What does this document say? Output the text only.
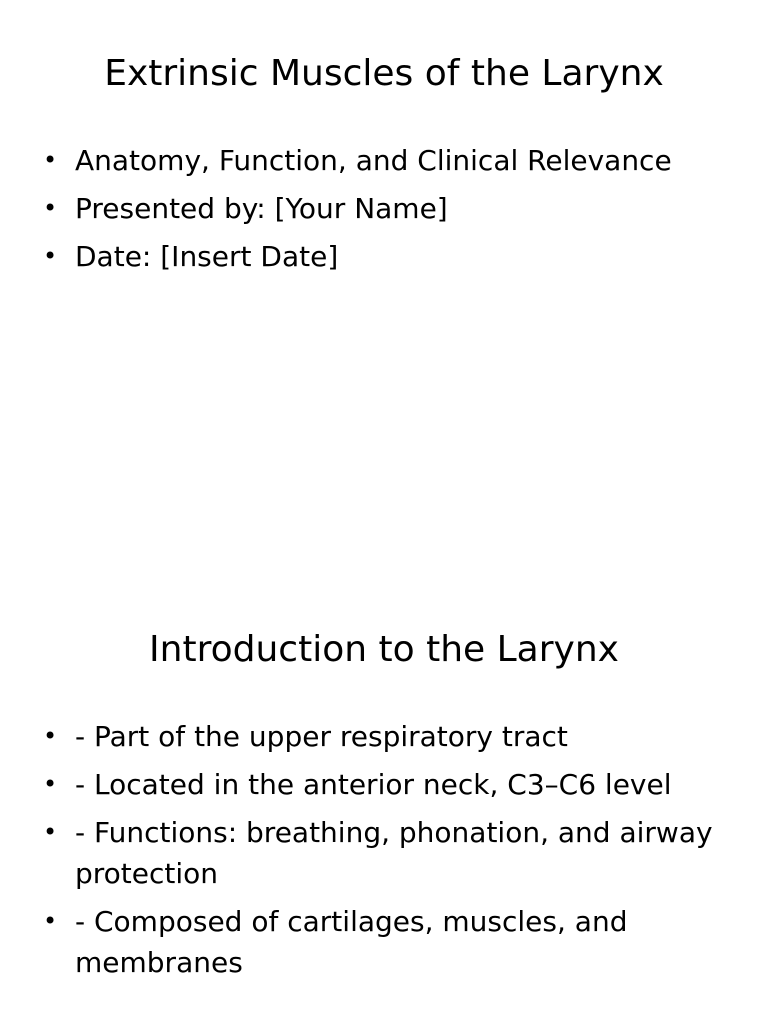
Extrinsic Muscles of the Larynx
• Anatomy, Function, and Clinical Relevance
• Presented by: [Your Name]
• Date: [Insert Date]
Introduction to the Larynx
• - Part of the upper respiratory tract
• - Located in the anterior neck, C3–C6 level
• - Functions: breathing, phonation, and airway protection
• - Composed of cartilages, muscles, and membranes
